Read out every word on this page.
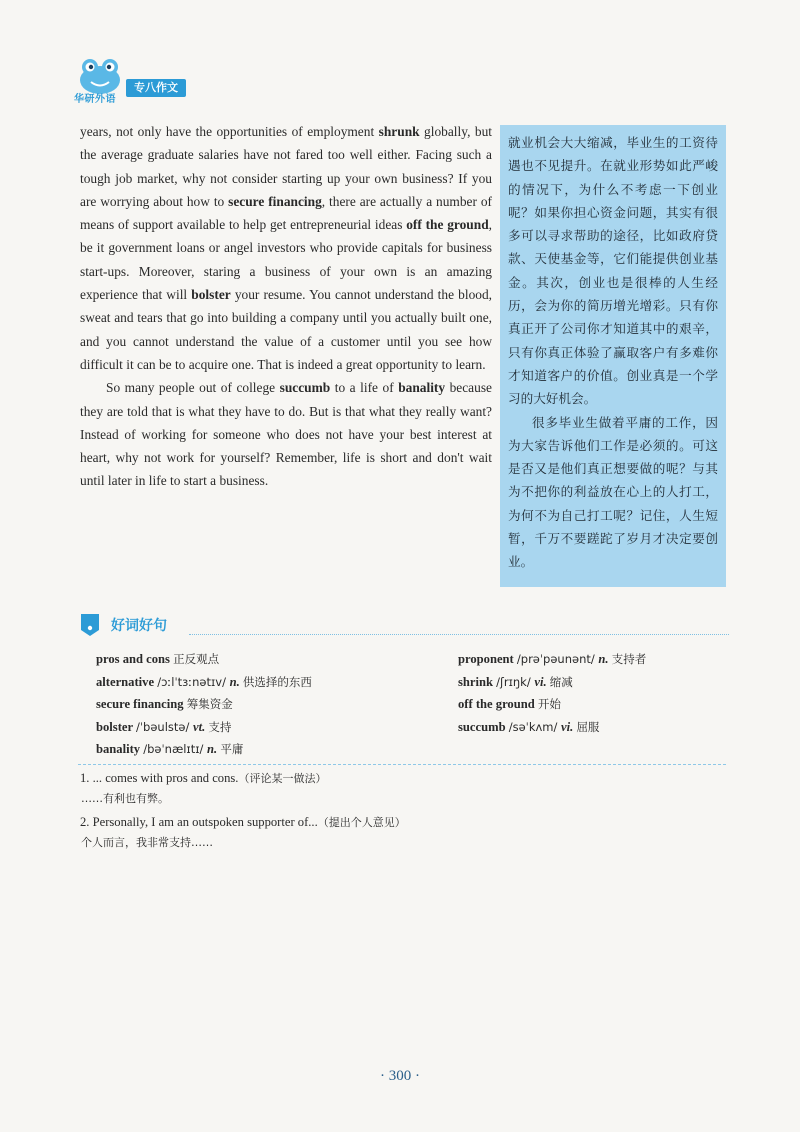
华研外语
专八作文

years, not only have the opportunities of employment shrunk globally, but the average graduate salaries have not fared too well either. Facing such a tough job market, why not consider starting up your own business? If you are worrying about how to secure financing, there are actually a number of means of support available to help get entrepreneurial ideas off the ground, be it government loans or angel investors who provide capitals for business start-ups. Moreover, staring a business of your own is an amazing experience that will bolster your resume. You cannot understand the blood, sweat and tears that go into building a company until you actually built one, and you cannot understand the value of a customer until you see how difficult it can be to acquire one. That is indeed a great opportunity to learn.

So many people out of college succumb to a life of banality because they are told that is what they have to do. But is that what they really want? Instead of working for someone who does not have your best interest at heart, why not work for yourself? Remember, life is short and don't wait until later in life to start a business.

就业机会大大缩减，毕业生的工资待遇也不见提升。在就业形势如此严峻的情况下，为什么不考虑一下创业呢？如果你担心资金问题，其实有很多可以寻求帮助的途径，比如政府贷款、天使基金等，它们能提供创业基金。其次，创业也是很棒的人生经历，会为你的简历增光增彩。只有你真正开了公司你才知道其中的艰辛，只有你真正体验了赢取客户有多难你才知道客户的价值。创业真是一个学习的大好机会。

很多毕业生做着平庸的工作，因为大家告诉他们工作是必须的。可这是否又是他们真正想要做的呢？与其为不把你的利益放在心上的人打工，为何不为自己打工呢？记住，人生短暂，千万不要蹉跎了岁月才决定要创业。

好词好句
pros and cons 正反观点
alternative /ɔːlˈtɜːnətɪv/ n. 供选择的东西
secure financing 筹集资金
bolster /ˈbəulstə/ vt. 支持
banality /bəˈnælɪtɪ/ n. 平庸
proponent /prəˈpəunənt/ n. 支持者
shrink /ʃrɪŋk/ vi. 缩减
off the ground 开始
succumb /səˈkʌm/ vi. 屈服
1. ... comes with pros and cons.（评论某一做法）
……有利也有弊。
2. Personally, I am an outspoken supporter of...（提出个人意见）
个人而言，我非常支持……
· 300 ·
